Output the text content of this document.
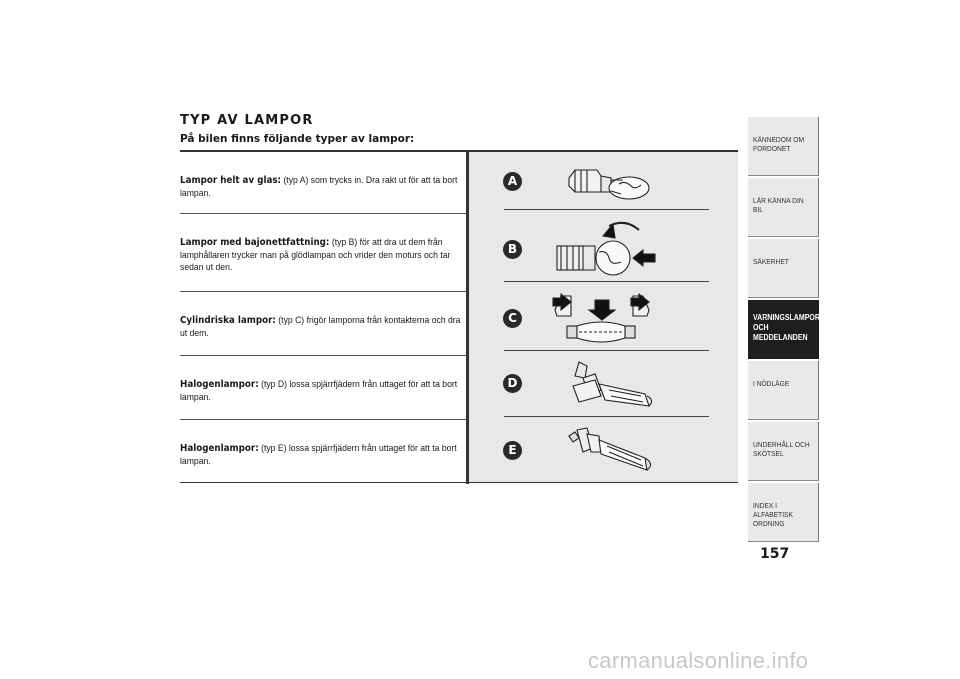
TYP AV LAMPOR
På bilen finns följande typer av lampor:

Lampor helt av glas: (typ A) som trycks in. Dra rakt ut för att ta bort lampan.

Lampor med bajonettfattning: (typ B) för att dra ut dem från lamphållaren trycker man på glödlampan och vrider den moturs och tar sedan ut den.

Cylindriska lampor: (typ C) frigör lamporna från kontakterna och dra ut dem.

Halogenlampor: (typ D) lossa spjärrfjädern från uttaget för att ta bort lampan.

Halogenlampor: (typ E) lossa spjärrfjädern från uttaget för att ta bort lampan.

A
B
C
D
E
KÄNNEDOM OM FORDONET
LÄR KÄNNA DIN BIL
SÄKERHET
VARNINGSLAMPOR OCH MEDDELANDEN
I NÖDLÄGE
UNDERHÅLL OCH SKÖTSEL
INDEX I ALFABETISK ORDNING
157
carmanualsonline.info
